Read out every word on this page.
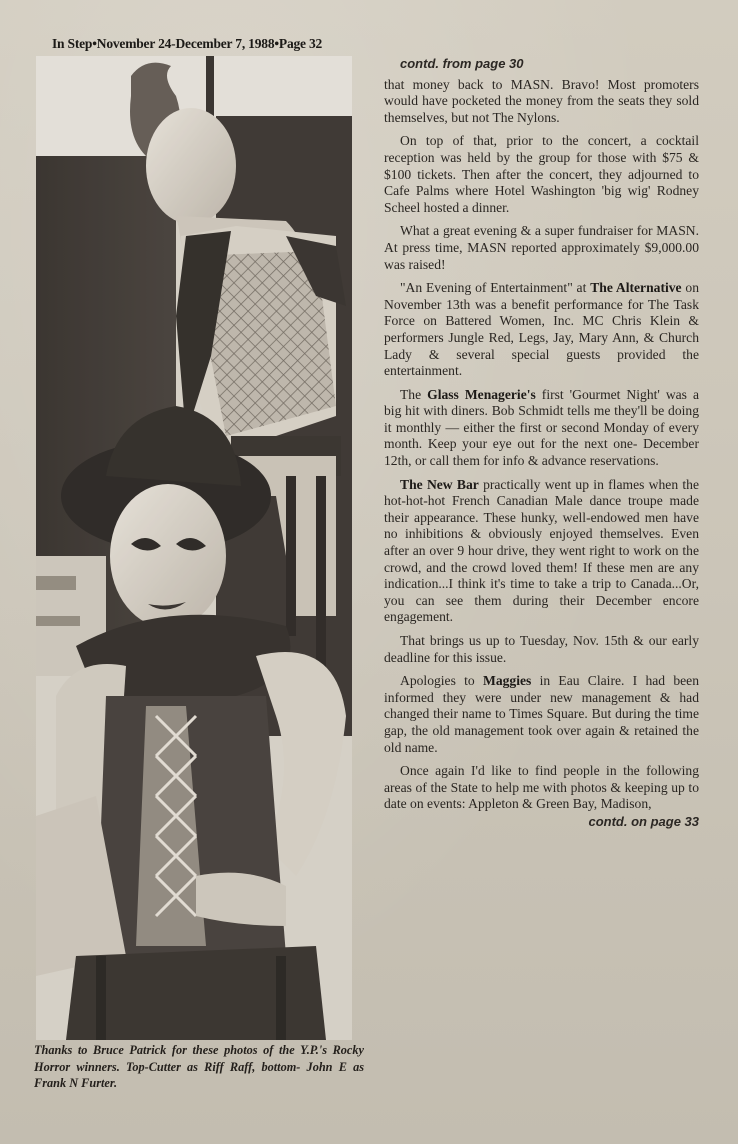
In Step•November 24-December 7, 1988•Page 32
Thanks to Bruce Patrick for these photos of the Y.P.'s Rocky Horror winners. Top-Cutter as Riff Raff, bottom- John E as Frank N Furter.
contd. from page 30

that money back to MASN. Bravo! Most promoters would have pocketed the money from the seats they sold themselves, but not The Nylons.

On top of that, prior to the concert, a cocktail reception was held by the group for those with $75 & $100 tickets. Then after the concert, they adjourned to Cafe Palms where Hotel Washington 'big wig' Rodney Scheel hosted a dinner.

What a great evening & a super fundraiser for MASN. At press time, MASN reported approximately $9,000.00 was raised!

"An Evening of Entertainment" at The Alternative on November 13th was a benefit performance for The Task Force on Battered Women, Inc. MC Chris Klein & performers Jungle Red, Legs, Jay, Mary Ann, & Church Lady & several special guests provided the entertainment.

The Glass Menagerie's first 'Gourmet Night' was a big hit with diners. Bob Schmidt tells me they'll be doing it monthly — either the first or second Monday of every month. Keep your eye out for the next one- December 12th, or call them for info & advance reservations.

The New Bar practically went up in flames when the hot-hot-hot French Canadian Male dance troupe made their appearance. These hunky, well-endowed men have no inhibitions & obviously enjoyed themselves. Even after an over 9 hour drive, they went right to work on the crowd, and the crowd loved them! If these men are any indication...I think it's time to take a trip to Canada...Or, you can see them during their December encore engagement.

That brings us up to Tuesday, Nov. 15th & our early deadline for this issue.

Apologies to Maggies in Eau Claire. I had been informed they were under new management & had changed their name to Times Square. But during the time gap, the old management took over again & retained the old name.

Once again I'd like to find people in the following areas of the State to help me with photos & keeping up to date on events: Appleton & Green Bay, Madison,

contd. on page 33
